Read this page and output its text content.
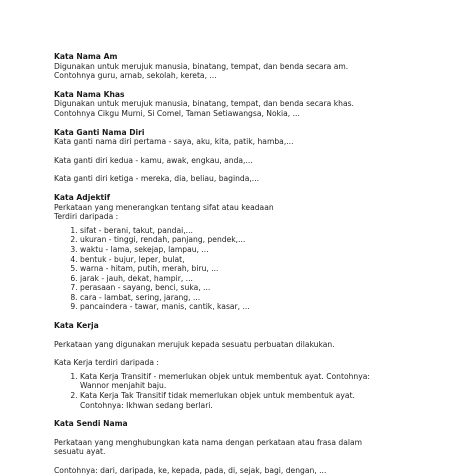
Kata Nama Am

Digunakan untuk merujuk manusia, binatang, tempat, dan benda secara am.

Contohnya guru, arnab, sekolah, kereta, ...

Kata Nama Khas

Digunakan untuk merujuk manusia, binatang, tempat, dan benda secara khas.

Contohnya Cikgu Murni, Si Comel, Taman Setiawangsa, Nokia, ...

Kata Ganti Nama Diri

Kata ganti nama diri pertama - saya, aku, kita, patik, hamba,...

Kata ganti diri kedua - kamu, awak, engkau, anda,...

Kata ganti diri ketiga - mereka, dia, beliau, baginda,...

Kata Adjektif

Perkataan yang menerangkan tentang sifat atau keadaan

Terdiri daripada :

1. sifat - berani, takut, pandai,...
2. ukuran - tinggi, rendah, panjang, pendek,...
3. waktu - lama, sekejap, lampau, ...
4. bentuk - bujur, leper, bulat,
5. warna - hitam, putih, merah, biru, ...
6. jarak - jauh, dekat, hampir, ...
7. perasaan - sayang, benci, suka, ...
8. cara - lambat, sering, jarang, ...
9. pancaindera - tawar, manis, cantik, kasar, ...

Kata Kerja

Perkataan yang digunakan merujuk kepada sesuatu perbuatan dilakukan.

Kata Kerja terdiri daripada :

1. Kata Kerja Transitif - memerlukan objek untuk membentuk ayat. Contohnya:
Wannor menjahit baju.
2. Kata Kerja Tak Transitif tidak memerlukan objek untuk membentuk ayat.
Contohnya: Ikhwan sedang berlari.

Kata Sendi Nama

Perkataan yang menghubungkan kata nama dengan perkataan atau frasa dalam

sesuatu ayat.

Contohnya: dari, daripada, ke, kepada, pada, di, sejak, bagi, dengan, ...
